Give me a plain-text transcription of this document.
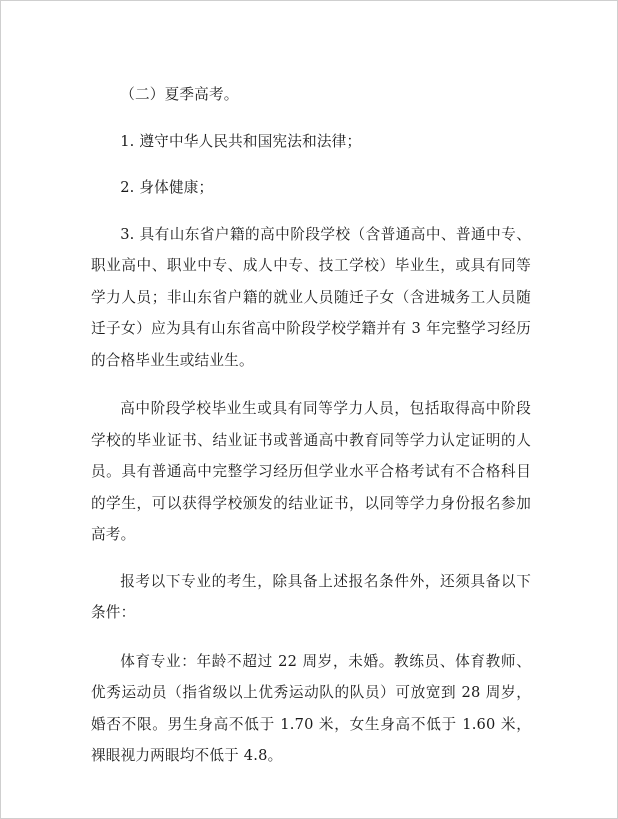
（二）夏季高考。

1. 遵守中华人民共和国宪法和法律；

2. 身体健康；

3. 具有山东省户籍的高中阶段学校（含普通高中、普通中专、职业高中、职业中专、成人中专、技工学校）毕业生，或具有同等学力人员；非山东省户籍的就业人员随迁子女（含进城务工人员随迁子女）应为具有山东省高中阶段学校学籍并有 3 年完整学习经历的合格毕业生或结业生。

高中阶段学校毕业生或具有同等学力人员，包括取得高中阶段学校的毕业证书、结业证书或普通高中教育同等学力认定证明的人员。具有普通高中完整学习经历但学业水平合格考试有不合格科目的学生，可以获得学校颁发的结业证书，以同等学力身份报名参加高考。

报考以下专业的考生，除具备上述报名条件外，还须具备以下条件：

体育专业：年龄不超过 22 周岁，未婚。教练员、体育教师、优秀运动员（指省级以上优秀运动队的队员）可放宽到 28 周岁，婚否不限。男生身高不低于 1.70 米，女生身高不低于 1.60 米，裸眼视力两眼均不低于 4.8。
